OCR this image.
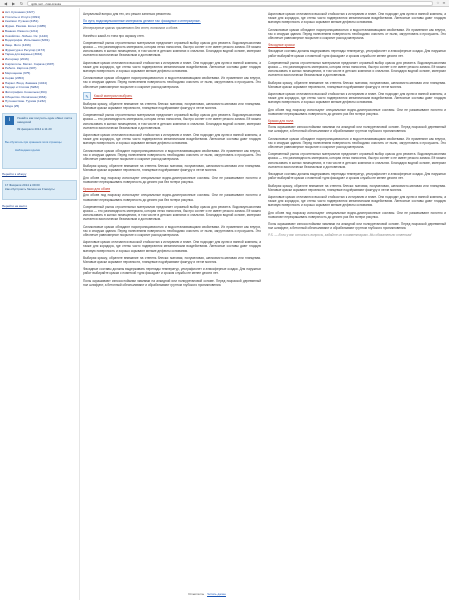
◀ ▶ ↻	qplik.net/.../stat-kraska	☆ ≡
▪ Акт. Кухонная (1327)
▪ Утилиты и Услуги (3091)
▪ Кемпинг. Ручная (2451)
▪ Фурни. Разлив. Колес (1985)
▪ Ванная. Разного (1211)
▪ Хозяйство. Лобыш. Ок. (1440)
▪ Водопрофм. Испытания (3281)
▪ Заце. Фото (1496)
▪ Фурнитура и Регуляр (1173)
▪ Тарна для варенья (3042)
▪ Интериер (2016)
▪ Сарполоты. Метал. Сарача (1697)
▪ Ребети. Картоха (907)
▪ Мерощение (975)
▪ Серви (2053)
▪ Паркет. Вход. Замазка (1044)
▪ Гардер и Стилия (5282)
▪ Фотография. Кошелька (494)
▪ Общество. Религиона (1664)
▪ Путешествие. Туризм (1232)
▪ Мода (25)
i	Узнайте как получить один обвес листа заводской
09 февраля 2014 в 11:20
Вы обучитесь при хранении поля страницы
Наблюдаем сделки
Перейти к обзору
17 Февраля 2014 в 09:00
Как обустроить балкон на 3 минуты
Перейти на место

Актуальный вопрос для тех, кто решил заняться ремонтом.

По сути, водоэмульсионные материалы делают так: фасадные и интерьерные.

Интерьерные краски применяют для стен, потолков и обоев.

Начнём с какой-то типа про окраску стен.

Современный рынок строительных материалов предлагает огромный выбор красок для ремонта. Водоэмульсионная краска — это разновидность материала, которая легко наносится, быстро сохнет и не имеет резкого запаха. Её можно использовать в жилых помещениях, в том числе в детских комнатах и спальнях. Благодаря водной основе, материал считается экологически безопасным и долговечным.

Акриловые краски отличаются высокой стойкостью к истиранию и влаге. Они подходят для кухни и ванной комнаты, а также для коридора, где стены часто подвергаются механическим воздействиям. Латексные составы дают гладкую матовую поверхность и хорошо скрывают мелкие дефекты основания.

Силиконовые краски обладают паропроницаемостью и водоотталкивающими свойствами. Их применяют как внутри, так и снаружи здания. Перед нанесением поверхность необходимо очистить от пыли, загрунтовать и просушить. Это обеспечит равномерное покрытие и сократит расход материала.

✎ Какой материал выбрать

Выбирая краску, обратите внимание на степень блеска: матовая, полуматовая, шелковисто-матовая или глянцевая. Матовые краски скрывают неровности, глянцевые подчёркивают фактуру и легче моются.

Современный рынок строительных материалов предлагает огромный выбор красок для ремонта. Водоэмульсионная краска — это разновидность материала, которая легко наносится, быстро сохнет и не имеет резкого запаха. Её можно использовать в жилых помещениях, в том числе в детских комнатах и спальнях. Благодаря водной основе, материал считается экологически безопасным и долговечным.

Акриловые краски отличаются высокой стойкостью к истиранию и влаге. Они подходят для кухни и ванной комнаты, а также для коридора, где стены часто подвергаются механическим воздействиям. Латексные составы дают гладкую матовую поверхность и хорошо скрывают мелкие дефекты основания.

Силиконовые краски обладают паропроницаемостью и водоотталкивающими свойствами. Их применяют как внутри, так и снаружи здания. Перед нанесением поверхность необходимо очистить от пыли, загрунтовать и просушить. Это обеспечит равномерное покрытие и сократит расход материала.

Выбирая краску, обратите внимание на степень блеска: матовая, полуматовая, шелковисто-матовая или глянцевая. Матовые краски скрывают неровности, глянцевые подчёркивают фактуру и легче моются.

Для обоев под покраску используют специальные водно-дисперсионные составы. Они не размачивают полотно и позволяют перекрашивать поверхность до десяти раз без потери рисунка.

Краски для обоев

Для обоев под покраску используют специальные водно-дисперсионные составы. Они не размачивают полотно и позволяют перекрашивать поверхность до десяти раз без потери рисунка.

Современный рынок строительных материалов предлагает огромный выбор красок для ремонта. Водоэмульсионная краска — это разновидность материала, которая легко наносится, быстро сохнет и не имеет резкого запаха. Её можно использовать в жилых помещениях, в том числе в детских комнатах и спальнях. Благодаря водной основе, материал считается экологически безопасным и долговечным.

Силиконовые краски обладают паропроницаемостью и водоотталкивающими свойствами. Их применяют как внутри, так и снаружи здания. Перед нанесением поверхность необходимо очистить от пыли, загрунтовать и просушить. Это обеспечит равномерное покрытие и сократит расход материала.

Акриловые краски отличаются высокой стойкостью к истиранию и влаге. Они подходят для кухни и ванной комнаты, а также для коридора, где стены часто подвергаются механическим воздействиям. Латексные составы дают гладкую матовую поверхность и хорошо скрывают мелкие дефекты основания.

Выбирая краску, обратите внимание на степень блеска: матовая, полуматовая, шелковисто-матовая или глянцевая. Матовые краски скрывают неровности, глянцевые подчёркивают фактуру и легче моются.

Фасадные составы должны выдерживать перепады температур, ультрафиолет и атмосферные осадки. Для наружных работ выбирайте краски с пометкой «для фасадов» и сроком службы не менее десяти лет.

Полы окрашивают износостойкими эмалями на алкидной или полиуретановой основе. Перед покраской деревянный пол шлифуют, а бетонный обеспыливают и обрабатывают грунтом глубокого проникновения.

Акриловые краски отличаются высокой стойкостью к истиранию и влаге. Они подходят для кухни и ванной комнаты, а также для коридора, где стены часто подвергаются механическим воздействиям. Латексные составы дают гладкую матовую поверхность и хорошо скрывают мелкие дефекты основания.

Силиконовые краски обладают паропроницаемостью и водоотталкивающими свойствами. Их применяют как внутри, так и снаружи здания. Перед нанесением поверхность необходимо очистить от пыли, загрунтовать и просушить. Это обеспечит равномерное покрытие и сократит расход материала.

Фасадные краски

Фасадные составы должны выдерживать перепады температур, ультрафиолет и атмосферные осадки. Для наружных работ выбирайте краски с пометкой «для фасадов» и сроком службы не менее десяти лет.

Современный рынок строительных материалов предлагает огромный выбор красок для ремонта. Водоэмульсионная краска — это разновидность материала, которая легко наносится, быстро сохнет и не имеет резкого запаха. Её можно использовать в жилых помещениях, в том числе в детских комнатах и спальнях. Благодаря водной основе, материал считается экологически безопасным и долговечным.

Выбирая краску, обратите внимание на степень блеска: матовая, полуматовая, шелковисто-матовая или глянцевая. Матовые краски скрывают неровности, глянцевые подчёркивают фактуру и легче моются.

Акриловые краски отличаются высокой стойкостью к истиранию и влаге. Они подходят для кухни и ванной комнаты, а также для коридора, где стены часто подвергаются механическим воздействиям. Латексные составы дают гладкую матовую поверхность и хорошо скрывают мелкие дефекты основания.

Для обоев под покраску используют специальные водно-дисперсионные составы. Они не размачивают полотно и позволяют перекрашивать поверхность до десяти раз без потери рисунка.

Краски для пола

Полы окрашивают износостойкими эмалями на алкидной или полиуретановой основе. Перед покраской деревянный пол шлифуют, а бетонный обеспыливают и обрабатывают грунтом глубокого проникновения.

Силиконовые краски обладают паропроницаемостью и водоотталкивающими свойствами. Их применяют как внутри, так и снаружи здания. Перед нанесением поверхность необходимо очистить от пыли, загрунтовать и просушить. Это обеспечит равномерное покрытие и сократит расход материала.

Современный рынок строительных материалов предлагает огромный выбор красок для ремонта. Водоэмульсионная краска — это разновидность материала, которая легко наносится, быстро сохнет и не имеет резкого запаха. Её можно использовать в жилых помещениях, в том числе в детских комнатах и спальнях. Благодаря водной основе, материал считается экологически безопасным и долговечным.

Фасадные составы должны выдерживать перепады температур, ультрафиолет и атмосферные осадки. Для наружных работ выбирайте краски с пометкой «для фасадов» и сроком службы не менее десяти лет.

Выбирая краску, обратите внимание на степень блеска: матовая, полуматовая, шелковисто-матовая или глянцевая. Матовые краски скрывают неровности, глянцевые подчёркивают фактуру и легче моются.

Акриловые краски отличаются высокой стойкостью к истиранию и влаге. Они подходят для кухни и ванной комнаты, а также для коридора, где стены часто подвергаются механическим воздействиям. Латексные составы дают гладкую матовую поверхность и хорошо скрывают мелкие дефекты основания.

Для обоев под покраску используют специальные водно-дисперсионные составы. Они не размачивают полотно и позволяют перекрашивать поверхность до десяти раз без потери рисунка.

Полы окрашивают износостойкими эмалями на алкидной или полиуретановой основе. Перед покраской деревянный пол шлифуют, а бетонный обеспыливают и обрабатывают грунтом глубокого проникновения.

Р.S. — Если у вас остались вопросы, задайте их в комментариях. Мы обязательно ответим!

Ответить Читать далее
